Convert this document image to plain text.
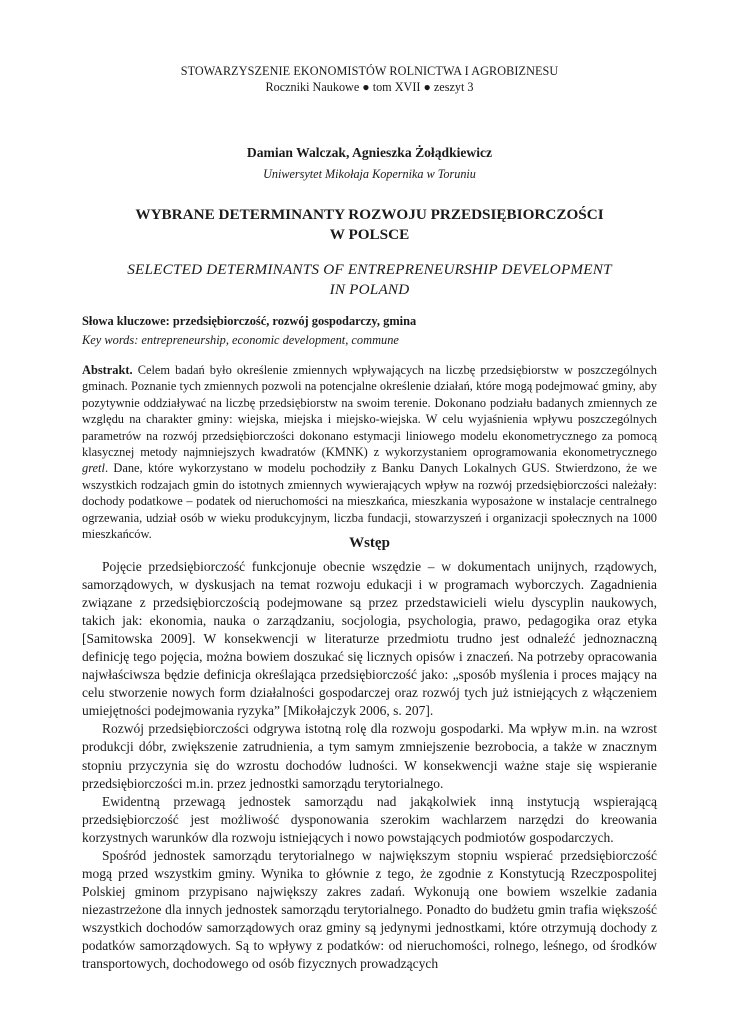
STOWARZYSZENIE EKONOMISTÓW ROLNICTWA I AGROBIZNESU
Roczniki Naukowe ● tom XVII ● zeszyt 3
Damian Walczak, Agnieszka Żołądkiewicz
Uniwersytet Mikołaja Kopernika w Toruniu
WYBRANE DETERMINANTY ROZWOJU PRZEDSIĘBIORCZOŚCI
W POLSCE
SELECTED DETERMINANTS OF ENTREPRENEURSHIP DEVELOPMENT
IN POLAND
Słowa kluczowe: przedsiębiorczość, rozwój gospodarczy, gmina
Key words: entrepreneurship, economic development, commune
Abstrakt. Celem badań było określenie zmiennych wpływających na liczbę przedsiębiorstw w poszczególnych gminach. Poznanie tych zmiennych pozwoli na potencjalne określenie działań, które mogą podejmować gminy, aby pozytywnie oddziaływać na liczbę przedsiębiorstw na swoim terenie. Dokonano podziału badanych zmiennych ze względu na charakter gminy: wiejska, miejska i miejsko-wiejska. W celu wyjaśnienia wpływu poszczególnych parametrów na rozwój przedsiębiorczości dokonano estymacji liniowego modelu ekonometrycznego za pomocą klasycznej metody najmniejszych kwadratów (KMNK) z wykorzystaniem oprogramowania ekonometrycznego gretl. Dane, które wykorzystano w modelu pochodziły z Banku Danych Lokalnych GUS. Stwierdzono, że we wszystkich rodzajach gmin do istotnych zmiennych wywierających wpływ na rozwój przedsiębiorczości należały: dochody podatkowe – podatek od nieruchomości na mieszkańca, mieszkania wyposażone w instalacje centralnego ogrzewania, udział osób w wieku produkcyjnym, liczba fundacji, stowarzyszeń i organizacji społecznych na 1000 mieszkańców.
Wstęp

Pojęcie przedsiębiorczość funkcjonuje obecnie wszędzie – w dokumentach unijnych, rządowych, samorządowych, w dyskusjach na temat rozwoju edukacji i w programach wyborczych. Zagadnienia związane z przedsiębiorczością podejmowane są przez przedstawicieli wielu dyscyplin naukowych, takich jak: ekonomia, nauka o zarządzaniu, socjologia, psychologia, prawo, pedagogika oraz etyka [Samitowska 2009]. W konsekwencji w literaturze przedmiotu trudno jest odnaleźć jednoznaczną definicję tego pojęcia, można bowiem doszukać się licznych opisów i znaczeń. Na potrzeby opracowania najwłaściwsza będzie definicja określająca przedsiębiorczość jako: „sposób myślenia i proces mający na celu stworzenie nowych form działalności gospodarczej oraz rozwój tych już istniejących z włączeniem umiejętności podejmowania ryzyka” [Mikołajczyk 2006, s. 207].

Rozwój przedsiębiorczości odgrywa istotną rolę dla rozwoju gospodarki. Ma wpływ m.in. na wzrost produkcji dóbr, zwiększenie zatrudnienia, a tym samym zmniejszenie bezrobocia, a także w znacznym stopniu przyczynia się do wzrostu dochodów ludności. W konsekwencji ważne staje się wspieranie przedsiębiorczości m.in. przez jednostki samorządu terytorialnego.

Ewidentną przewagą jednostek samorządu nad jakąkolwiek inną instytucją wspierającą przedsiębiorczość jest możliwość dysponowania szerokim wachlarzem narzędzi do kreowania korzystnych warunków dla rozwoju istniejących i nowo powstających podmiotów gospodarczych.

Spośród jednostek samorządu terytorialnego w największym stopniu wspierać przedsiębiorczość mogą przed wszystkim gminy. Wynika to głównie z tego, że zgodnie z Konstytucją Rzeczpospolitej Polskiej gminom przypisano największy zakres zadań. Wykonują one bowiem wszelkie zadania niezastrzeżone dla innych jednostek samorządu terytorialnego. Ponadto do budżetu gmin trafia większość wszystkich dochodów samorządowych oraz gminy są jedynymi jednostkami, które otrzymują dochody z podatków samorządowych. Są to wpływy z podatków: od nieruchomości, rolnego, leśnego, od środków transportowych, dochodowego od osób fizycznych prowadzących
